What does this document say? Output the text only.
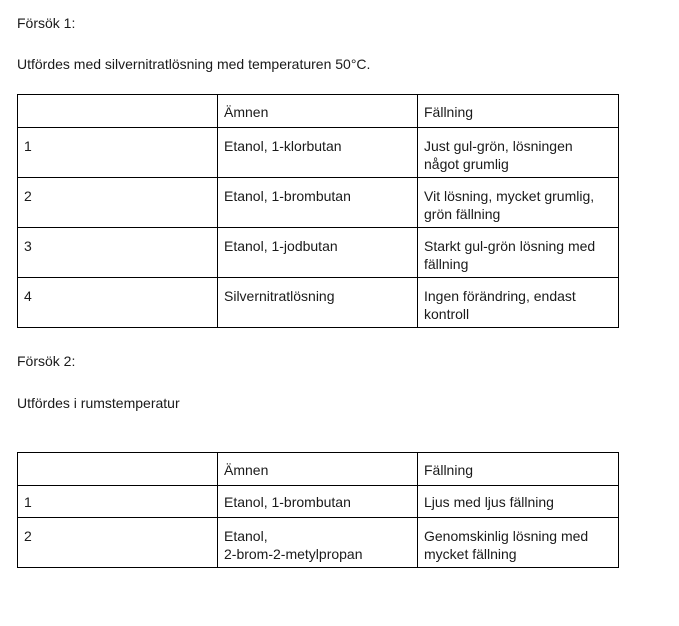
Försök 1:

Utfördes med silvernitratlösning med temperaturen 50°C.

	Ämnen	Fällning
1	Etanol, 1-klorbutan	Just gul-grön, lösningen
något grumlig
2	Etanol, 1-brombutan	Vit lösning, mycket grumlig,
grön fällning
3	Etanol, 1-jodbutan	Starkt gul-grön lösning med
fällning
4	Silvernitratlösning	Ingen förändring, endast
kontroll

Försök 2:

Utfördes i rumstemperatur

	Ämnen	Fällning
1	Etanol, 1-brombutan	Ljus med ljus fällning
2	Etanol,
2-brom-2-metylpropan	Genomskinlig lösning med
mycket fällning
